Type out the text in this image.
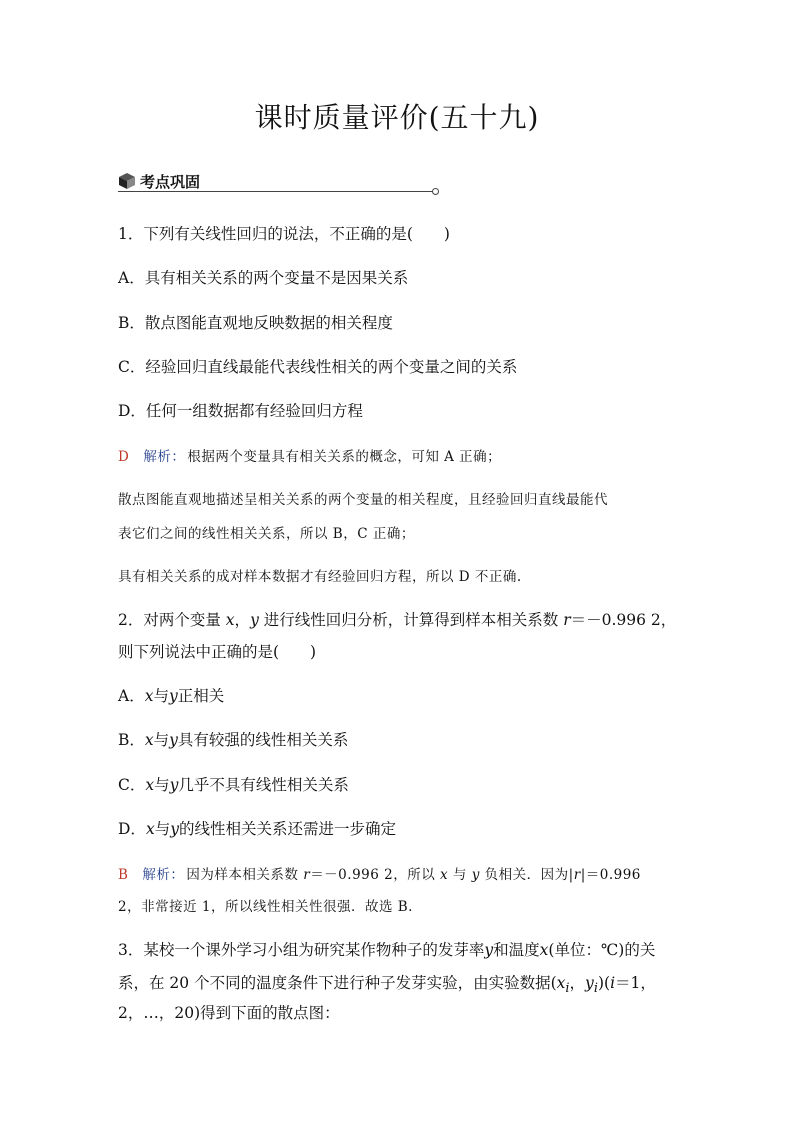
课时质量评价(五十九)
考点巩固
1．下列有关线性回归的说法，不正确的是(　　)
A．具有相关关系的两个变量不是因果关系
B．散点图能直观地反映数据的相关程度
C．经验回归直线最能代表线性相关的两个变量之间的关系
D．任何一组数据都有经验回归方程
D 解析： 根据两个变量具有相关关系的概念，可知 A 正确；
散点图能直观地描述呈相关关系的两个变量的相关程度，且经验回归直线最能代
表它们之间的线性相关关系，所以 B，C 正确；
具有相关关系的成对样本数据才有经验回归方程，所以 D 不正确.
2．对两个变量 x，y 进行线性回归分析，计算得到样本相关系数 r＝－0.996 2，
则下列说法中正确的是(　　)
A．x与y正相关
B．x与y具有较强的线性相关关系
C．x与y几乎不具有线性相关关系
D．x与y的线性相关关系还需进一步确定
B 解析： 因为样本相关系数 r＝－0.996 2，所以 x 与 y 负相关．因为|r|＝0.996
2，非常接近 1，所以线性相关性很强．故选 B.
3．某校一个课外学习小组为研究某作物种子的发芽率y和温度x(单位：℃)的关
系，在 20 个不同的温度条件下进行种子发芽实验，由实验数据($x_i$，$y_i)(i=1$，
2，…，20)得到下面的散点图：
